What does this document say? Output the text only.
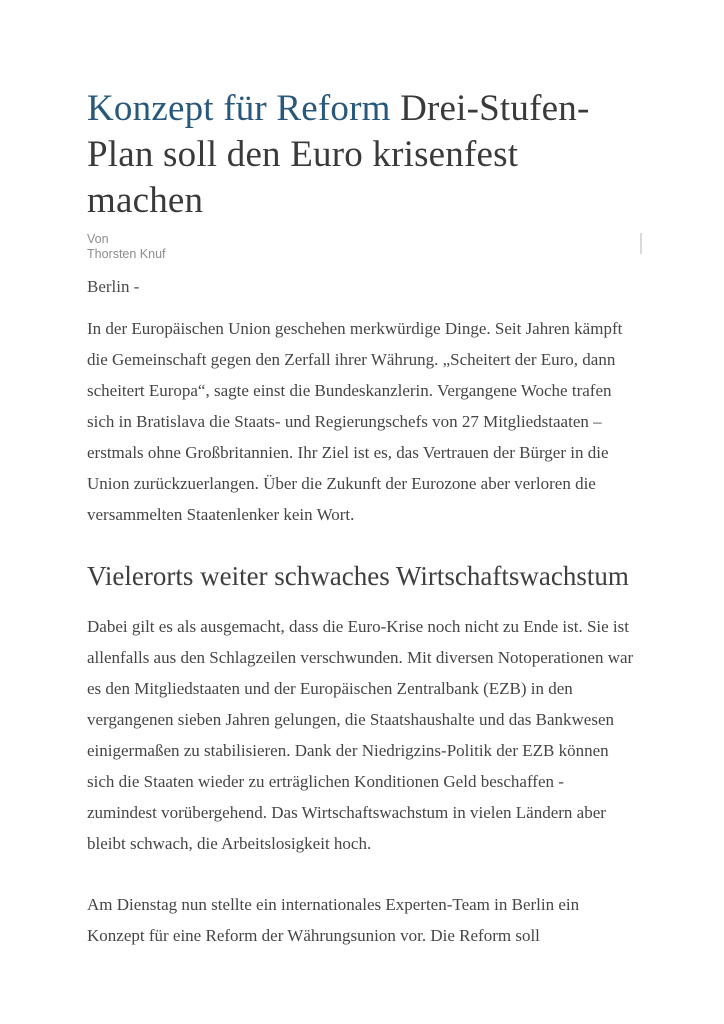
Konzept für Reform Drei-Stufen-Plan soll den Euro krisenfest machen
Von
Thorsten Knuf

Berlin -

In der Europäischen Union geschehen merkwürdige Dinge. Seit Jahren kämpft die Gemeinschaft gegen den Zerfall ihrer Währung. „Scheitert der Euro, dann scheitert Europa“, sagte einst die Bundeskanzlerin. Vergangene Woche trafen sich in Bratislava die Staats- und Regierungschefs von 27 Mitgliedstaaten – erstmals ohne Großbritannien. Ihr Ziel ist es, das Vertrauen der Bürger in die Union zurückzuerlangen. Über die Zukunft der Eurozone aber verloren die versammelten Staatenlenker kein Wort.

Vielerorts weiter schwaches Wirtschaftswachstum

Dabei gilt es als ausgemacht, dass die Euro-Krise noch nicht zu Ende ist. Sie ist allenfalls aus den Schlagzeilen verschwunden. Mit diversen Notoperationen war es den Mitgliedstaaten und der Europäischen Zentralbank (EZB) in den vergangenen sieben Jahren gelungen, die Staatshaushalte und das Bankwesen einigermaßen zu stabilisieren. Dank der Niedrigzins-Politik der EZB können sich die Staaten wieder zu erträglichen Konditionen Geld beschaffen - zumindest vorübergehend. Das Wirtschaftswachstum in vielen Ländern aber bleibt schwach, die Arbeitslosigkeit hoch.

Am Dienstag nun stellte ein internationales Experten-Team in Berlin ein Konzept für eine Reform der Währungsunion vor. Die Reform soll
